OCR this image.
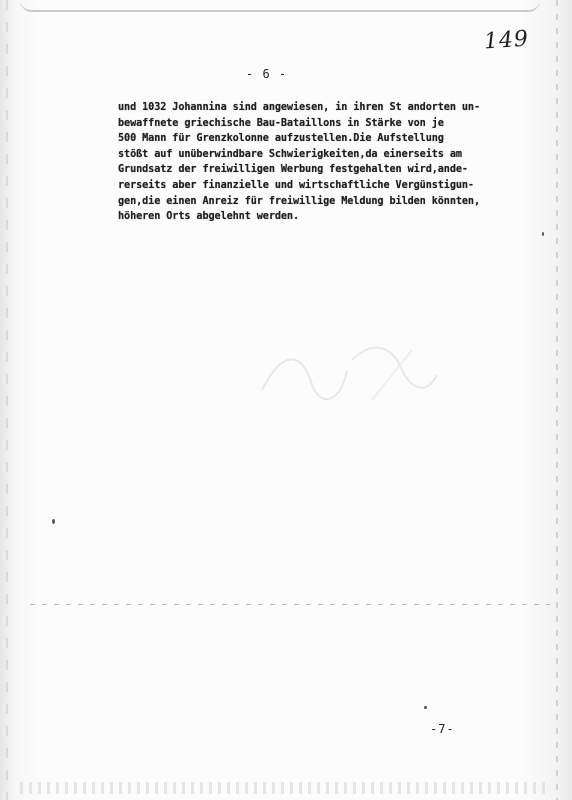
149
- 6 -
und 1032 Johannina sind angewiesen, in ihren St andorten un-
bewaffnete griechische Bau-Bataillons in Stärke von je
500 Mann für Grenzkolonne aufzustellen.Die Aufstellung
stößt auf unüberwindbare Schwierigkeiten,da einerseits am
Grundsatz der freiwilligen Werbung festgehalten wird,ande-
rerseits aber finanzielle und wirtschaftliche Vergünstigun-
gen,die einen Anreiz für freiwillige Meldung bilden könnten,
höheren Orts abgelehnt werden.
-7-
